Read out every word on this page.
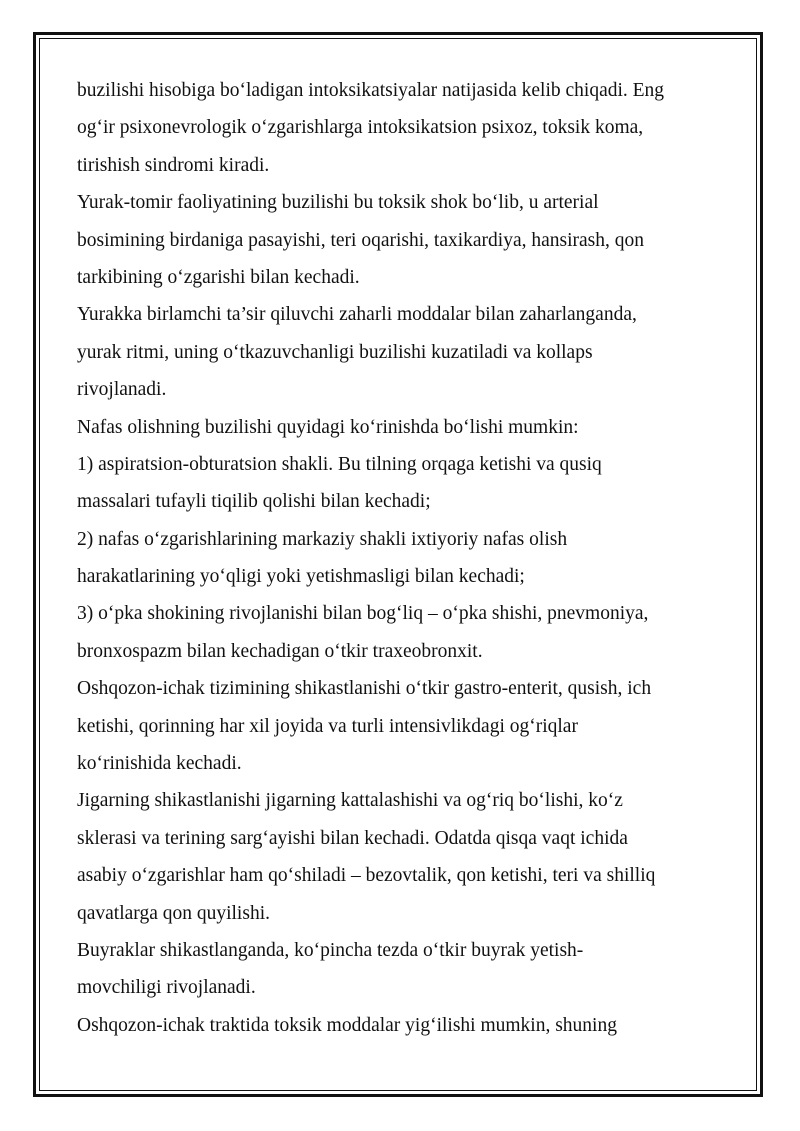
buzilishi hisobiga bo‘ladigan intoksikatsiyalar natijasida kelib chiqadi. Eng
og‘ir psixonevrologik o‘zgarishlarga intoksikatsion psixoz, toksik koma,
tirishish sindromi kiradi.
Yurak-tomir faoliyatining buzilishi bu toksik shok bo‘lib, u arterial
bosimining birdaniga pasayishi, teri oqarishi, taxikardiya, hansirash, qon
tarkibining o‘zgarishi bilan kechadi.
Yurakka birlamchi ta’sir qiluvchi zaharli moddalar bilan zaharlanganda,
yurak ritmi, uning o‘tkazuvchanligi buzilishi kuzatiladi va kollaps
rivojlanadi.
Nafas olishning buzilishi quyidagi ko‘rinishda bo‘lishi mumkin:
1) aspiratsion-obturatsion shakli. Bu tilning orqaga ketishi va qusiq
massalari tufayli tiqilib qolishi bilan kechadi;
2) nafas o‘zgarishlarining markaziy shakli ixtiyoriy nafas olish
harakatlarining yo‘qligi yoki yetishmasligi bilan kechadi;
3) o‘pka shokining rivojlanishi bilan bog‘liq – o‘pka shishi, pnevmoniya,
bronxospazm bilan kechadigan o‘tkir traxeobronxit.
Oshqozon-ichak tizimining shikastlanishi o‘tkir gastro-enterit, qusish, ich
ketishi, qorinning har xil joyida va turli intensivlikdagi og‘riqlar
ko‘rinishida kechadi.
Jigarning shikastlanishi jigarning kattalashishi va og‘riq bo‘lishi, ko‘z
sklerasi va terining sarg‘ayishi bilan kechadi. Odatda qisqa vaqt ichida
asabiy o‘zgarishlar ham qo‘shiladi – bezovtalik, qon ketishi, teri va shilliq
qavatlarga qon quyilishi.
Buyraklar shikastlanganda, ko‘pincha tezda o‘tkir buyrak yetish-
movchiligi rivojlanadi.
Oshqozon-ichak traktida toksik moddalar yig‘ilishi mumkin, shuning
